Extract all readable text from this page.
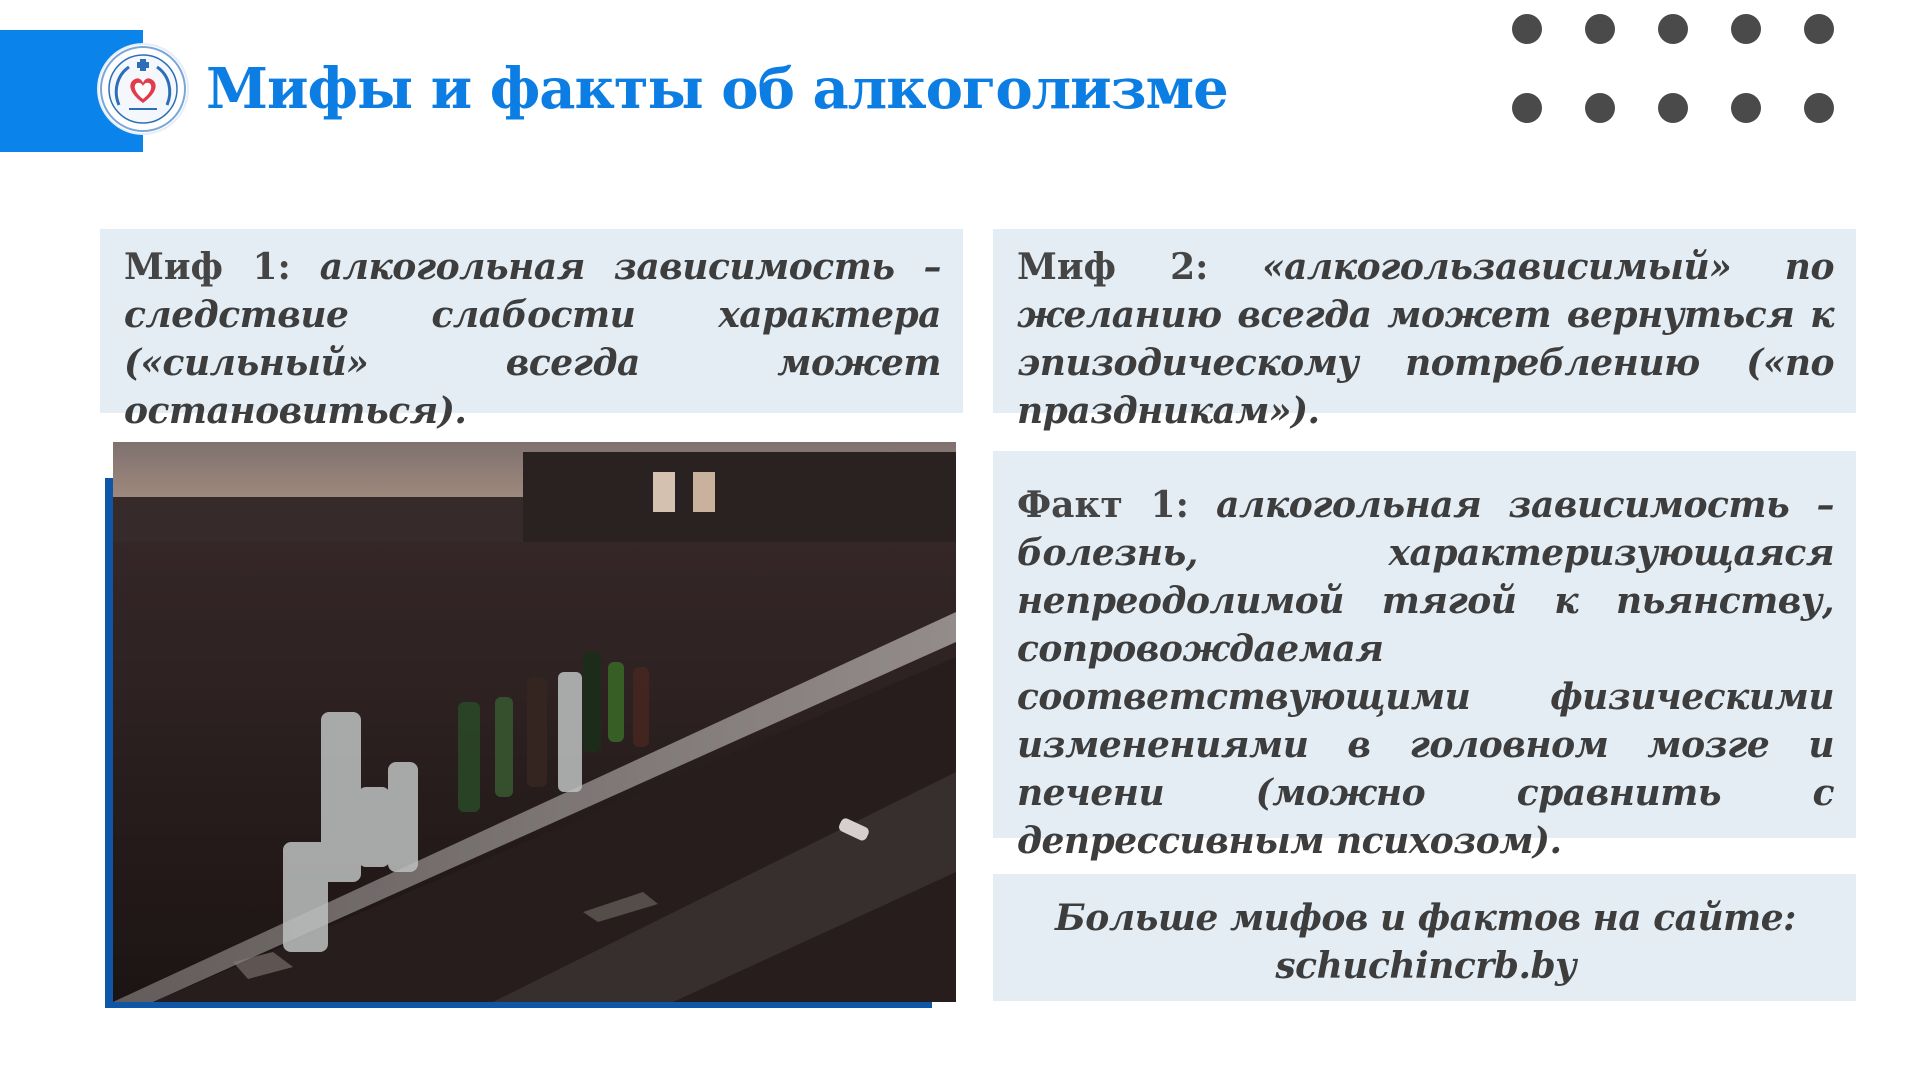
Мифы и факты об алкоголизме

Миф 1: алкогольная зависимость – следствие слабости характера («сильный» всегда может остановиться).

Миф 2: «алкогользависимый» по желанию всегда может вернуться к эпизодическому потреблению («по праздникам»).

Факт 1: алкогольная зависимость – болезнь, характеризующаяся непреодолимой тягой к пьянству, сопровождаемая соответствующими физическими изменениями в головном мозге и печени (можно сравнить с депрессивным психозом).

Больше мифов и фактов на сайте:

schuchincrb.by
